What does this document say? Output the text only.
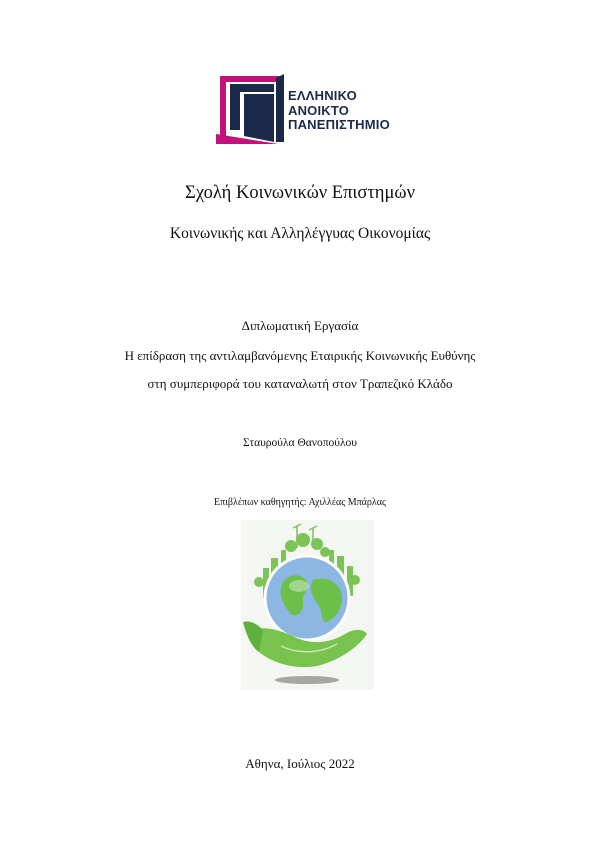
ΕΛΛΗΝΙΚΟ
ΑΝΟΙΚΤΟ
ΠΑΝΕΠΙΣΤΗΜΙΟ
Σχολή Κοινωνικών Επιστημών
Κοινωνικής και Αλληλέγγυας Οικονομίας
Διπλωματική Εργασία
Η επίδραση της αντιλαμβανόμενης Εταιρικής Κοινωνικής Ευθύνης
στη συμπεριφορά του καταναλωτή στον Τραπεζικό Κλάδο
Σταυρούλα Θανοπούλου
Επιβλέπων καθηγητής: Αχιλλέας Μπάρλας
Αθηνα, Ιούλιος 2022
